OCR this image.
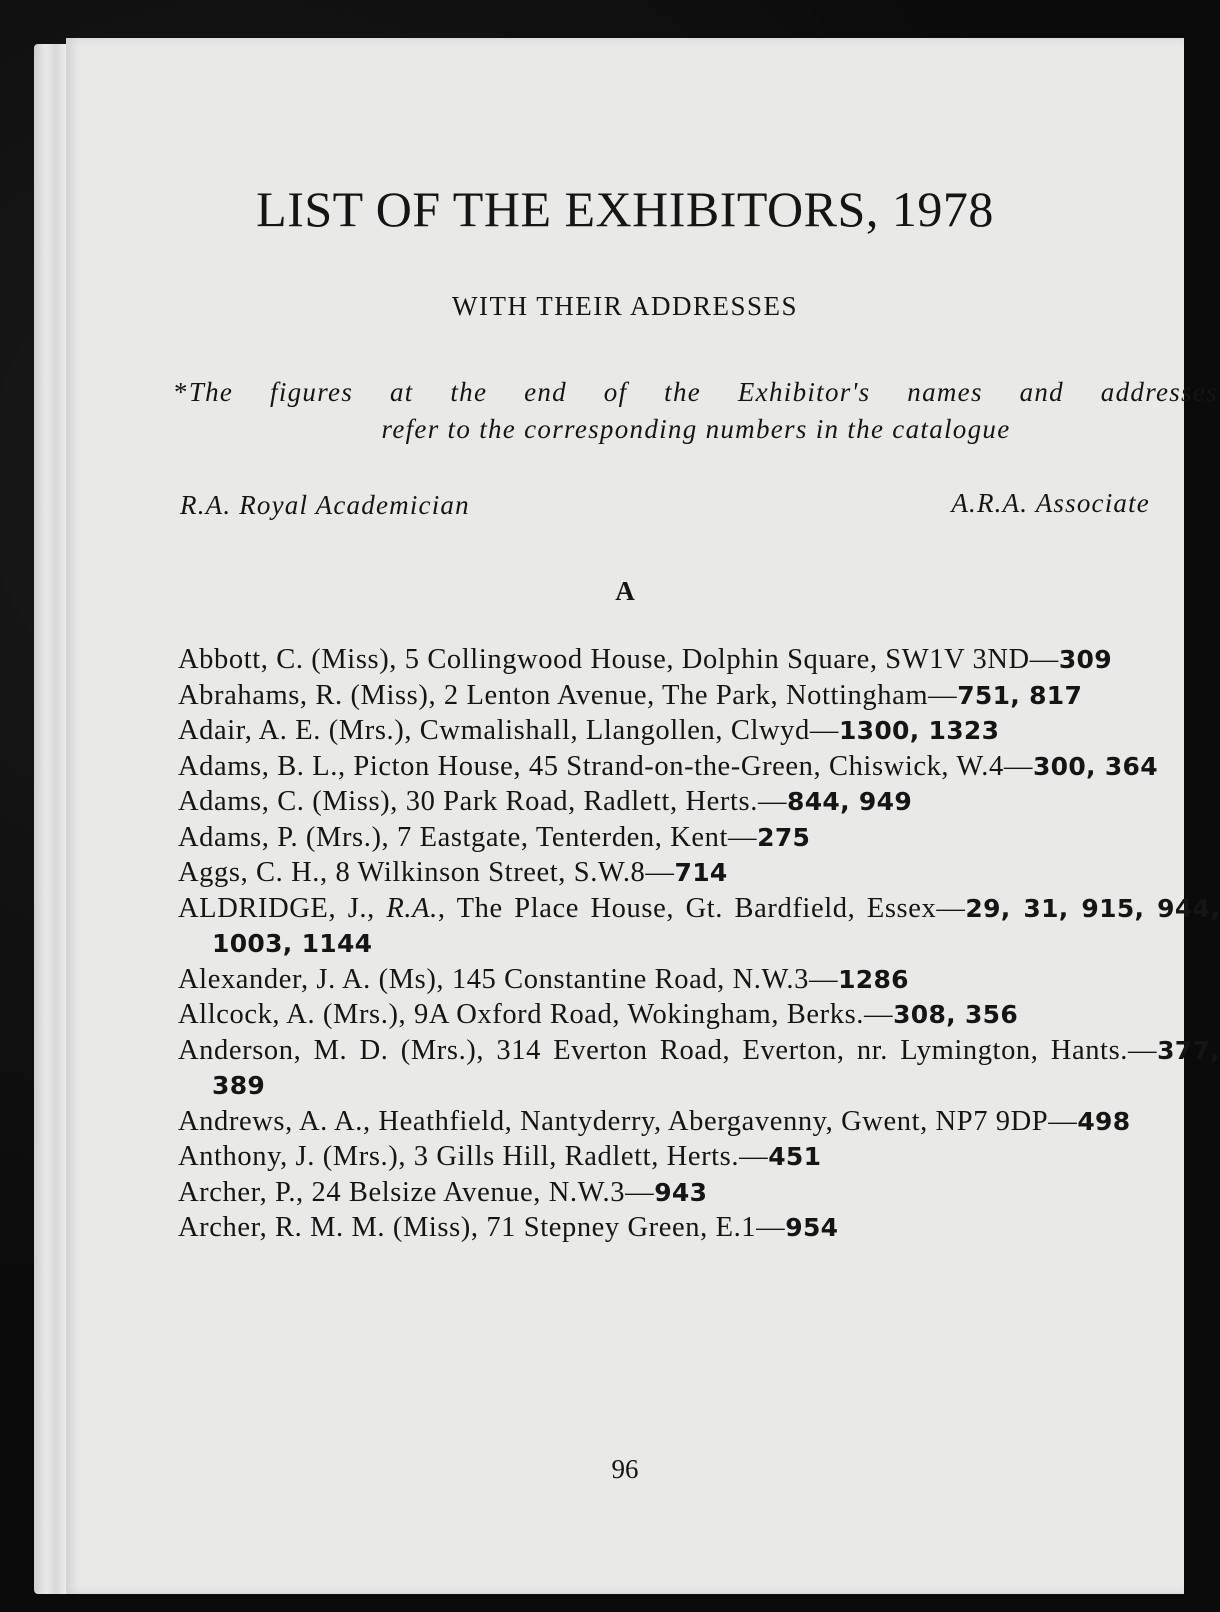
LIST OF THE EXHIBITORS, 1978
WITH THEIR ADDRESSES
*The figures at the end of the Exhibitor's names and addresses
refer to the corresponding numbers in the catalogue
R.A. Royal Academician	A.R.A. Associate
A
Abbott, C. (Miss), 5 Collingwood House, Dolphin Square, SW1V 3ND—309
Abrahams, R. (Miss), 2 Lenton Avenue, The Park, Nottingham—751, 817
Adair, A. E. (Mrs.), Cwmalishall, Llangollen, Clwyd—1300, 1323
Adams, B. L., Picton House, 45 Strand-on-the-Green, Chiswick, W.4—300, 364
Adams, C. (Miss), 30 Park Road, Radlett, Herts.—844, 949
Adams, P. (Mrs.), 7 Eastgate, Tenterden, Kent—275
Aggs, C. H., 8 Wilkinson Street, S.W.8—714
ALDRIDGE, J., R.A., The Place House, Gt. Bardfield, Essex—29, 31, 915, 944, 1003, 1144
Alexander, J. A. (Ms), 145 Constantine Road, N.W.3—1286
Allcock, A. (Mrs.), 9A Oxford Road, Wokingham, Berks.—308, 356
Anderson, M. D. (Mrs.), 314 Everton Road, Everton, nr. Lymington, Hants.—377, 389
Andrews, A. A., Heathfield, Nantyderry, Abergavenny, Gwent, NP7 9DP—498
Anthony, J. (Mrs.), 3 Gills Hill, Radlett, Herts.—451
Archer, P., 24 Belsize Avenue, N.W.3—943
Archer, R. M. M. (Miss), 71 Stepney Green, E.1—954
96
